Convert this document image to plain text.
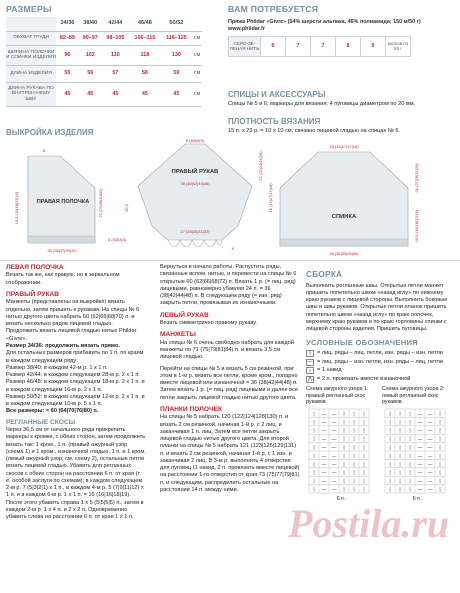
РАЗМЕРЫ
	34/36	38/40	42/44	46/48	50/52	
ОБХВАТ ГРУДИ	82–89	90–97	98–105	106–115	116–125	см
ШИРИНА ПОЛОЧКИ И СПИНКИ ИЗДЕЛИЯ	96	102	110	118	130	см
ДЛИНА ИЗДЕЛИЯ	55	56	57	58	59	см
ДЛИНА РУКАВА ПО ВНУТРЕН-НЕМУ ШВУ	45	45	45	45	45	см
ВАМ ПОТРЕБУЕТСЯ
Пряжа Phildar «Givre» (54% шерсти альпака, 46% полиамида; 150 м/50 г)
www.phildar.fr
СЕРО-ЗЕ-ЛЕНАЯ НИТЬ	6	7	7	8	9	мотков по 50 г
СПИЦЫ И АКСЕССУАРЫ
Спицы № 5 и 6; маркеры для вязания; 4 пуговицы диаметром по 20 мм.
ПЛОТНОСТЬ ВЯЗАНИЯ
15 п. x 23 р. = 10 x 10 см, связано лицевой гладью на спицах № 6.
ВЫКРОЙКА ИЗДЕЛИЯ
ПРАВАЯ ПОЛОЧКА
33 (35|37|39|43)
19,5 (19|18|17|16)	25 (26|28|30|32)
8
3 (3|3|3|3)
ПРАВЫЙ РУКАВ
8 (8|9|9|9)
38 (40|42|44|46)
27 (28|30|31|32)
21 (22|24|26|28)
36,5
5
СПИНКА
16 (16|17|17|18)
48 (51|55|59|65)
26 (27|29|31|33)
19,5 (19|18|17|16)
16 (16|17|17|18)
ЛЕВАЯ ПОЛОЧКА

Вязать так же, как правую, но в зеркальном отображении.

ПРАВЫЙ РУКАВ

Манжеты (представлены на выкройке) вязать отдельно, затем пришить к рукавам. На спицы № 6 нитью другого цвета набрать 60 (62|66|68|70) п. и вязать несколько рядов лицевой гладью. Продолжить вязать лицевой гладью нитью Phildar «Givre».

Размер 34/36: продолжить вязать прямо.

Для остальных размеров прибавить по 1 п. по краям в каждом следующем ряду:

Размер 38/40: в каждом 42-м р. 1 x 1 п.

Размер 42/44: в каждом следующем 28-м р. 2 x 1 п.

Размер 46/48: в каждом следующем 18-м р. 2 x 1 п. и в каждом следующем 16-м р. 2 x 1 п.

Размер 50/52: в каждом следующем 12-м р. 2 x 1 п. и в каждом следующем 10-м р. 5 x 1 п.

Все размеры: = 60 (64|70|76|80) п.

РЕГЛАННЫЕ СКОСЫ

Через 36,5 см от начального ряда прикрепить маркеры к кромке, с обеих сторон, затем продолжить вязать так: 1 кром., 1 п. (правый ажурный узор (схема 1) и 1 кром., изнаночной гладью, 1 п. и 1 кром. (левый ажурный узор; см. схему 2), остальные петли вязать лицевой гладью. Убавить для регланных скосов с обеих сторон на расстоянии 6 п. от края (т. е. особой заслуги по схемам); в каждом следующем 2-м р. 7 (5|3|2|1) x 1 п., в каждом 4-м р. 5 (7|9|11|12) x 1 п. и в каждом 6-м р. 1 x 1 п. = 16 (16|16|18|19). После этого убавить справа 1 x 5 (5|5|5|5) п., затем в каждом 2-м р. 1 x 4 п. и 2 x 2 п. Одновременно убавить слева на расстоянии 6 п. от края 1 x 1 п.

Вернуться в начало работы. Распустить ряды, связанные вспом. нитью, и перевести на спицы № 6 открытые 60 (62|66|68|72) п. Вязать 1 р. (= лиц. ряд) лицевыми, равномерно убавляя 24 п. = 36 (38|42|44|48) п. В следующем ряду (= изн. ряд) закрыть петли, провязывая их изнаночными.

ЛЕВЫЙ РУКАВ

Вязать симметрично правому рукаву.

МАНЖЕТЫ

На спицы № 6 очень свободно набрать для каждой манжеты по 71 (75|79|81|84) п. и вязать 3,5 см лицевой гладью.

Перейти на спицы № 5 и вязать 5 см резинкой, при этом в 1-м р. вязать все петли, кроме кром., попарно вместе лицевой или изнаночной = 36 (38|42|44|48) п. Затем вязать 1 р. (= лиц. ряд) лицевыми и далее все петли закрыть лицевой гладью нитью другого цвета.

ПЛАНКИ ПОЛОЧЕК

На спицы № 5 набрать 120 (122|124|128|130) п. и вязать 2 см резинкой, начиная 1-й р. с 2 лиц. и заканчивая 1 п. лиц. Затем все петли закрыть лицевой гладью нитью другого цвета. Для второй планки на спицы № 5 набрать 121 (123|125|129|131) п. и вязать 2 см резинкой, начиная 1-й р. с 1 изн. и заканчивая 2 лиц. В 3-м р. выполнить 4 отверстия для пуговиц (1 накид, 2 п. провязать вместе лицевой) на расстоянии 1-го отверстия от края 73 (75|77|79|81) п. и следующим, распределить остальные на расстоянии 14 п. между ними.

СБОРКА

Выполнить регланные швы. Открытые петли манжет пришить попетельно швом «назад иглу» по нижнему краю рукавов с лицевой стороны. Выполнить боковые швы и швы рукавов. Открытые петли планок пришить попетельно швом «назад иглу» по краю полочек, верхнему краю рукавов и по краю горловины спинки с лицевой стороны изделия. Пришить пуговицы.

УСЛОВНЫЕ ОБОЗНАЧЕНИЯ
|	= лиц. ряды – лиц. петли, изн. ряды – изн. петли
— = лиц. ряды – изн. петли, изн. ряды – лиц. петли
○ = 1 накид
⋀ = 2 п. провязать вместе изнаночной
Схема ажурного узора 1: правый регланный скос рукавов
| — — | | |
| — — | | |
| — — | | |
| — — | | |
| — — | | |
| — — | | |
| — — | | |
| — — | | |
| — — | | |
| — — | | |
6 п.
Схема ажурного узора 2: левый регланный скос рукавов
| | | — — |
| | | — — |
| | | — — |
| | | — — |
| | | — — |
| | | — — |
| | | — — |
| | | — — |
| | | — — |
| | | — — |
6 п.
Postila.ru
